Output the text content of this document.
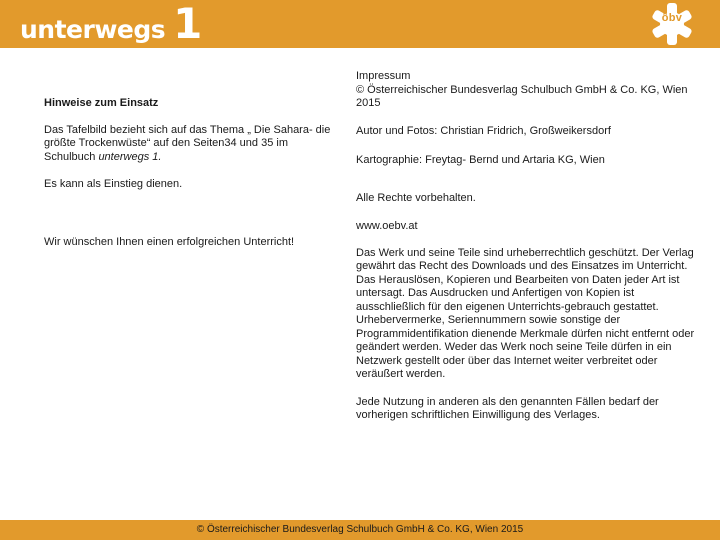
unterwegs 1	öbv

Hinweise zum Einsatz

Das Tafelbild bezieht sich auf das Thema „ Die Sahara- die größte Trockenwüste“ auf den Seiten34 und 35 im Schulbuch unterwegs 1.

Es kann als Einstieg dienen.

Wir wünschen Ihnen einen erfolgreichen Unterricht!

Impressum

© Österreichischer Bundesverlag Schulbuch GmbH & Co. KG, Wien 2015

Autor und Fotos: Christian Fridrich, Großweikersdorf

Kartographie: Freytag- Bernd und Artaria KG, Wien

Alle Rechte vorbehalten.

www.oebv.at

Das Werk und seine Teile sind urheberrechtlich geschützt. Der Verlag gewährt das Recht des Downloads und des Einsatzes im Unterricht. Das Herauslösen, Kopieren und Bearbeiten von Daten jeder Art ist untersagt. Das Ausdrucken und Anfertigen von Kopien ist ausschließlich für den eigenen Unterrichts-gebrauch gestattet. Urhebervermerke, Seriennummern sowie sonstige der Programmidentifikation dienende Merkmale dürfen nicht entfernt oder geändert werden. Weder das Werk noch seine Teile dürfen in ein Netzwerk gestellt oder über das Internet weiter verbreitet oder veräußert werden.

Jede Nutzung in anderen als den genannten Fällen bedarf der vorherigen schriftlichen Einwilligung des Verlages.

© Österreichischer Bundesverlag Schulbuch GmbH & Co. KG, Wien 2015
